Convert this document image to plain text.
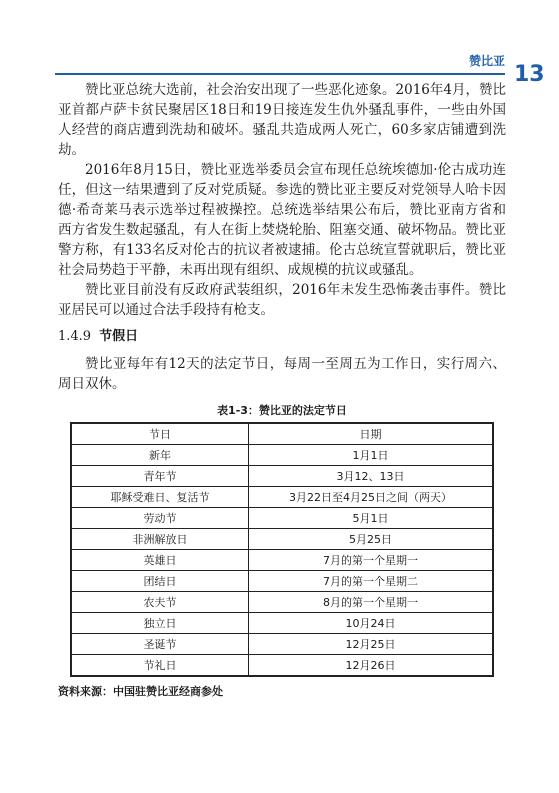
赞比亚
13

赞比亚总统大选前，社会治安出现了一些恶化迹象。2016年4月，赞比亚首都卢萨卡贫民聚居区18日和19日接连发生仇外骚乱事件，一些由外国人经营的商店遭到洗劫和破坏。骚乱共造成两人死亡，60多家店铺遭到洗劫。

2016年8月15日，赞比亚选举委员会宣布现任总统埃德加·伦古成功连任，但这一结果遭到了反对党质疑。参选的赞比亚主要反对党领导人哈卡因德·希奇莱马表示选举过程被操控。总统选举结果公布后，赞比亚南方省和西方省发生数起骚乱，有人在街上焚烧轮胎、阻塞交通、破坏物品。赞比亚警方称，有133名反对伦古的抗议者被逮捕。伦古总统宣誓就职后，赞比亚社会局势趋于平静，未再出现有组织、成规模的抗议或骚乱。

赞比亚目前没有反政府武装组织，2016年未发生恐怖袭击事件。赞比亚居民可以通过合法手段持有枪支。

1.4.9 节假日

赞比亚每年有12天的法定节日，每周一至周五为工作日，实行周六、周日双休。

表1-3：赞比亚的法定节日
节日	日期
新年	1月1日
青年节	3月12、13日
耶稣受难日、复活节	3月22日至4月25日之间（两天）
劳动节	5月1日
非洲解放日	5月25日
英雄日	7月的第一个星期一
团结日	7月的第一个星期二
农夫节	8月的第一个星期一
独立日	10月24日
圣诞节	12月25日
节礼日	12月26日
资料来源：中国驻赞比亚经商参处
